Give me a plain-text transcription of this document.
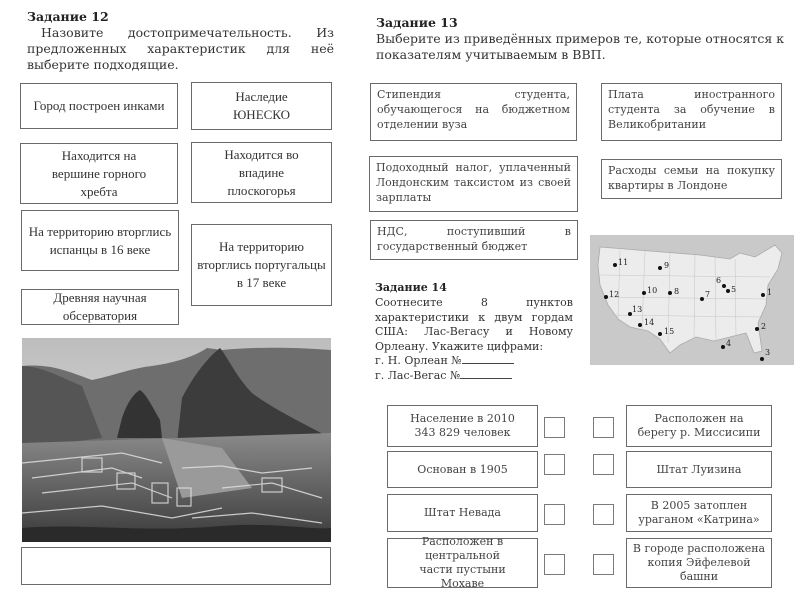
Задание 12
Назовите достопримечательность. Из предложенных характеристик для неё выберите подходящие.
Город построен инками
Наследие ЮНЕСКО
Находится на вершине горного хребта
Находится во впадине плоскогорья
На территорию вторглись испанцы в 16 веке	На территорию вторглись португальцы в 17 веке
Древняя научная обсерватория
Задание 13
Выберите из приведённых примеров те, которые относятся к показателям учитываемым в ВВП.
Стипендия студента, обучающегося на бюджетном отделении вуза
Плата иностранного студента за обучение в Великобритании
Подоходный налог, уплаченный Лондонским таксистом из своей зарплаты
Расходы семьи на покупку квартиры в Лондоне
НДС, поступивший в государственный бюджет
1
2
3
4
5
6
7
8
9
10
11
12
13
14
15
Задание 14
Соотнесите 8 пунктов характеристики к двум гордам США: Лас-Вегасу и Новому Орлеану. Укажите цифрами:
г. Н. Орлеан №
г. Лас-Вегас №
Население в 2010 343 829 человек
Основан в 1905
Штат Невада
Расположен в центральной части пустыни Мохаве
Расположен на берегу р. Миссисипи
Штат Луизина
В 2005 затоплен ураганом «Катрина»
В городе расположена копия Эйфелевой башни
